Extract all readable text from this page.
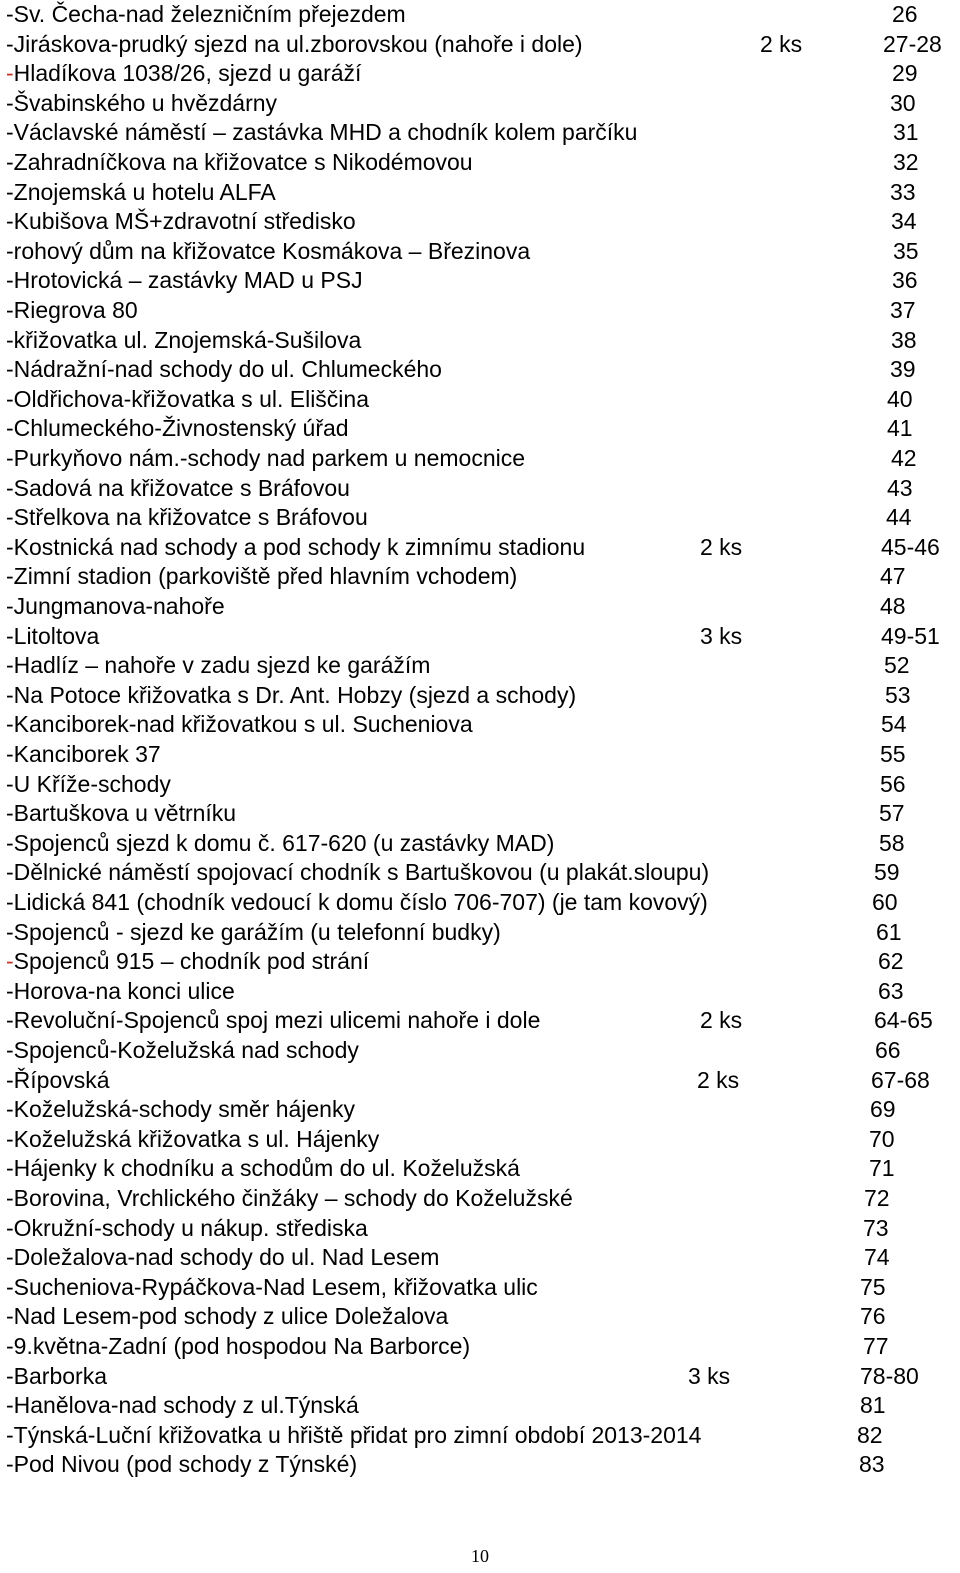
-Sv. Čecha-nad železničním přejezdem	26
-Jiráskova-prudký sjezd na ul.zborovskou (nahoře i dole)	2 ks	27-28
-Hladíkova 1038/26, sjezd u garáží	29
-Švabinského u hvězdárny	30
-Václavské náměstí – zastávka MHD a chodník kolem parčíku	31
-Zahradníčkova na křižovatce s Nikodémovou	32
-Znojemská u hotelu ALFA	33
-Kubišova MŠ+zdravotní středisko	34
-rohový dům na křižovatce Kosmákova – Březinova	35
-Hrotovická – zastávky MAD u PSJ	36
-Riegrova 80	37
-křižovatka ul. Znojemská-Sušilova	38
-Nádražní-nad schody do ul. Chlumeckého	39
-Oldřichova-křižovatka s ul. Eliščina	40
-Chlumeckého-Živnostenský úřad	41
-Purkyňovo nám.-schody nad parkem u nemocnice	42
-Sadová na křižovatce s Bráfovou	43
-Střelkova na křižovatce s Bráfovou	44
-Kostnická nad schody a pod schody k zimnímu stadionu	2 ks	45-46
-Zimní stadion (parkoviště před hlavním vchodem)	47
-Jungmanova-nahoře	48
-Litoltova	3 ks	49-51
-Hadlíz – nahoře v zadu sjezd ke garážím	52
-Na Potoce křižovatka s Dr. Ant. Hobzy (sjezd a schody)	53
-Kanciborek-nad křižovatkou s ul. Sucheniova	54
-Kanciborek 37	55
-U Kříže-schody	56
-Bartuškova u větrníku	57
-Spojenců sjezd k domu č. 617-620 (u zastávky MAD)	58
-Dělnické náměstí spojovací chodník s Bartuškovou (u plakát.sloupu)	59
-Lidická 841 (chodník vedoucí k domu číslo 706-707) (je tam kovový)	60
-Spojenců - sjezd ke garážím (u telefonní budky)	61
-Spojenců 915 – chodník pod strání	62
-Horova-na konci ulice	63
-Revoluční-Spojenců spoj mezi ulicemi nahoře i dole	2 ks	64-65
-Spojenců-Koželužská nad schody	66
-Řípovská	2 ks	67-68
-Koželužská-schody směr hájenky	69
-Koželužská křižovatka s ul. Hájenky	70
-Hájenky k chodníku a schodům do ul. Koželužská	71
-Borovina, Vrchlického činžáky – schody do Koželužské	72
-Okružní-schody u nákup. střediska	73
-Doležalova-nad schody do ul. Nad Lesem	74
-Sucheniova-Rypáčkova-Nad Lesem, křižovatka ulic	75
-Nad Lesem-pod schody z ulice Doležalova	76
-9.května-Zadní (pod hospodou Na Barborce)	77
-Barborka	3 ks	78-80
-Hanělova-nad schody z ul.Týnská	81
-Týnská-Luční křižovatka u hřiště přidat pro zimní období 2013-2014	82
-Pod Nivou (pod schody z Týnské)	83
10
